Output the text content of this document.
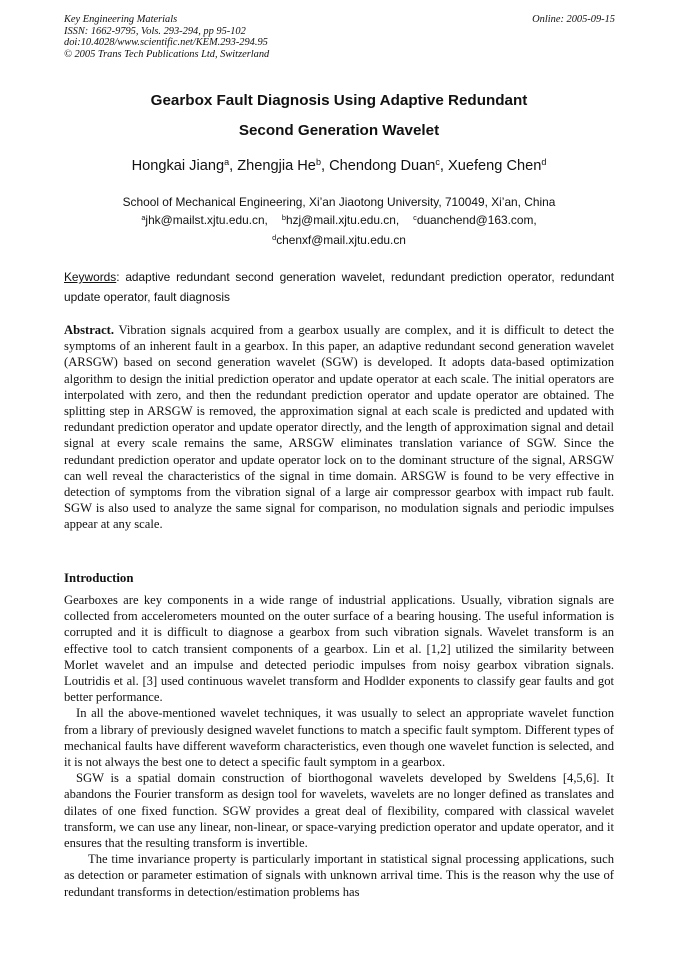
Key Engineering Materials
ISSN: 1662-9795, Vols. 293-294, pp 95-102
doi:10.4028/www.scientific.net/KEM.293-294.95
© 2005 Trans Tech Publications Ltd, Switzerland
Online: 2005-09-15
Gearbox Fault Diagnosis Using Adaptive Redundant
Second Generation Wavelet
Hongkai Jiang$^a$, Zhengjia He$^b$, Chendong Duan$^c$, Xuefeng Chen$^d$
School of Mechanical Engineering, Xi’an Jiaotong University, 710049, Xi’an, China
$^a$jhk@mailst.xjtu.edu.cn, $^b$hzj@mail.xjtu.edu.cn, $^c$duanchend@163.com,
$^d$chenxf@mail.xjtu.edu.cn
Keywords: adaptive redundant second generation wavelet, redundant prediction operator, redundant update operator, fault diagnosis
Abstract. Vibration signals acquired from a gearbox usually are complex, and it is difficult to detect the symptoms of an inherent fault in a gearbox. In this paper, an adaptive redundant second generation wavelet (ARSGW) based on second generation wavelet (SGW) is developed. It adopts data-based optimization algorithm to design the initial prediction operator and update operator at each scale. The initial operators are interpolated with zero, and then the redundant prediction operator and update operator are obtained. The splitting step in ARSGW is removed, the approximation signal at each scale is predicted and updated with redundant prediction operator and update operator directly, and the length of approximation signal and detail signal at every scale remains the same, ARSGW eliminates translation variance of SGW. Since the redundant prediction operator and update operator lock on to the dominant structure of the signal, ARSGW can well reveal the characteristics of the signal in time domain. ARSGW is found to be very effective in detection of symptoms from the vibration signal of a large air compressor gearbox with impact rub fault. SGW is also used to analyze the same signal for comparison, no modulation signals and periodic impulses appear at any scale.
Introduction

Gearboxes are key components in a wide range of industrial applications. Usually, vibration signals are collected from accelerometers mounted on the outer surface of a bearing housing. The useful information is corrupted and it is difficult to diagnose a gearbox from such vibration signals. Wavelet transform is an effective tool to catch transient components of a gearbox. Lin et al. [1,2] utilized the similarity between Morlet wavelet and an impulse and detected periodic impulses from noisy gearbox vibration signals. Loutridis et al. [3] used continuous wavelet transform and Hodlder exponents to classify gear faults and got better performance.

In all the above-mentioned wavelet techniques, it was usually to select an appropriate wavelet function from a library of previously designed wavelet functions to match a specific fault symptom. Different types of mechanical faults have different waveform characteristics, even though one wavelet function is selected, and it is not always the best one to detect a specific fault symptom in a gearbox.

SGW is a spatial domain construction of biorthogonal wavelets developed by Sweldens [4,5,6]. It abandons the Fourier transform as design tool for wavelets, wavelets are no longer defined as translates and dilates of one fixed function. SGW provides a great deal of flexibility, compared with classical wavelet transform, we can use any linear, non-linear, or space-varying prediction operator and update operator, and it ensures that the resulting transform is invertible.

The time invariance property is particularly important in statistical signal processing applications, such as detection or parameter estimation of signals with unknown arrival time. This is the reason why the use of redundant transforms in detection/estimation problems has
